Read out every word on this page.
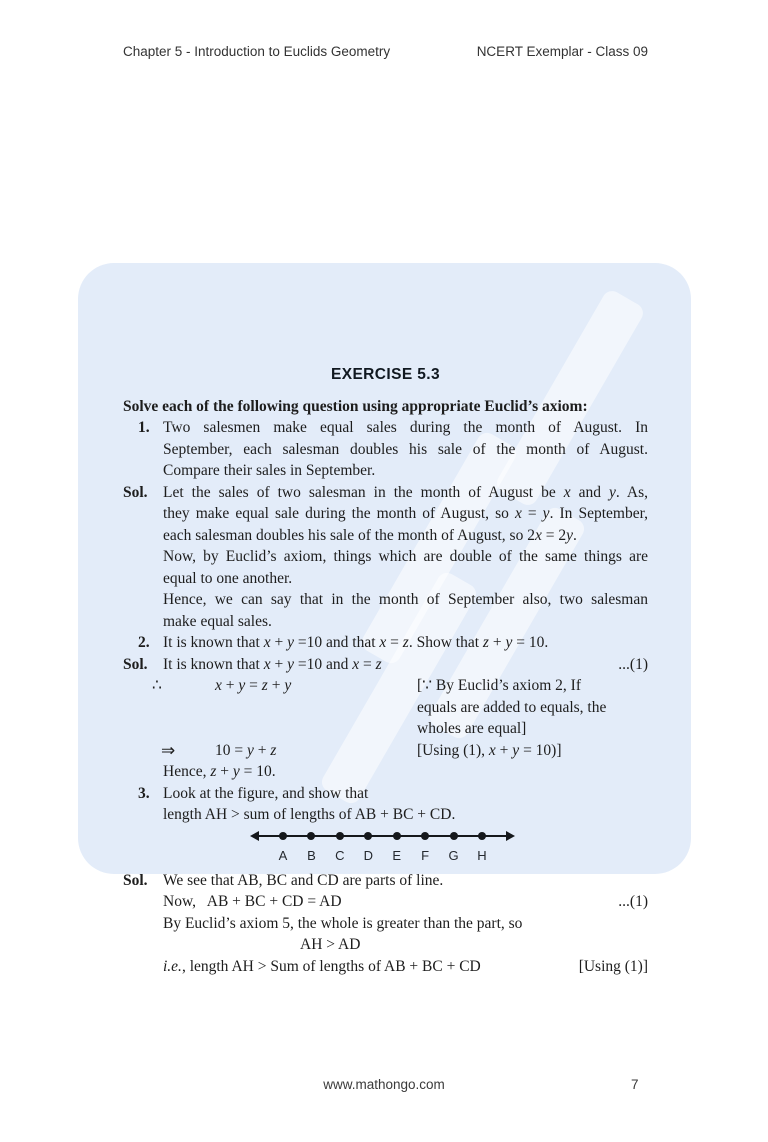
Chapter 5 - Introduction to Euclids Geometry	NCERT Exemplar - Class 09
EXERCISE 5.3
Solve each of the following question using appropriate Euclid’s axiom:
1. Two salesmen make equal sales during the month of August. In
September, each salesman doubles his sale of the month of August.
Compare their sales in September.
Sol. Let the sales of two salesman in the month of August be x and y. As,
they make equal sale during the month of August, so x = y. In September,
each salesman doubles his sale of the month of August, so 2x = 2y.
Now, by Euclid’s axiom, things which are double of the same things are
equal to one another.
Hence, we can say that in the month of September also, two salesman
make equal sales.
2. It is known that x + y =10 and that x = z. Show that z + y = 10.
Sol. It is known that x + y =10 and x = z	...(1)
∴	x + y = z + y	[∵ By Euclid’s axiom 2, If
equals are added to equals, the
wholes are equal]
⇒	10 = y + z	[Using (1), x + y = 10)]
Hence, z + y = 10.
3. Look at the figure, and show that
length AH > sum of lengths of AB + BC + CD.
A B C D E F G H
Sol. We see that AB, BC and CD are parts of line.
Now,   AB + BC + CD = AD	...(1)
By Euclid’s axiom 5, the whole is greater than the part, so
AH > AD
i.e., length AH > Sum of lengths of AB + BC + CD	[Using (1)]
www.mathongo.com	7
